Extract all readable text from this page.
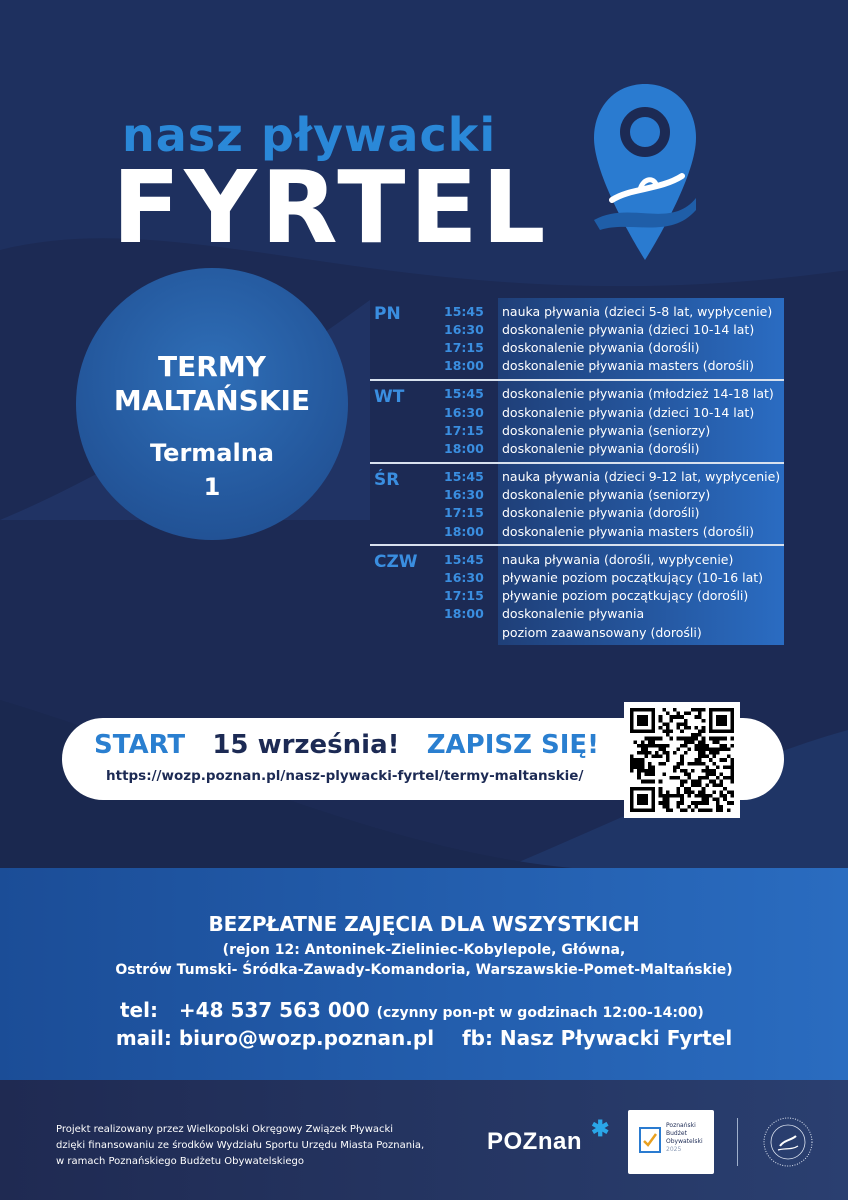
nasz pływacki
FYRTEL
TERMY
MALTAŃSKIE
Termalna
1
PN	15:45	nauka pływania (dzieci 5-8 lat, wypłycenie)
16:30	doskonalenie pływania (dzieci 10-14 lat)
17:15	doskonalenie pływania (dorośli)
18:00	doskonalenie pływania masters (dorośli)
WT	15:45	doskonalenie pływania (młodzież 14-18 lat)
16:30	doskonalenie pływania (dzieci 10-14 lat)
17:15	doskonalenie pływania (seniorzy)
18:00	doskonalenie pływania (dorośli)
ŚR	15:45	nauka pływania (dzieci 9-12 lat, wypłycenie)
16:30	doskonalenie pływania (seniorzy)
17:15	doskonalenie pływania (dorośli)
18:00	doskonalenie pływania masters (dorośli)
CZW	15:45	nauka pływania (dorośli, wypłycenie)
16:30	pływanie poziom początkujący (10-16 lat)
17:15	pływanie poziom początkujący (dorośli)
18:00	doskonalenie pływania
poziom zaawansowany (dorośli)
START 15 września! ZAPISZ SIĘ!
https://wozp.poznan.pl/nasz-plywacki-fyrtel/termy-maltanskie/
BEZPŁATNE ZAJĘCIA DLA WSZYSTKICH
(rejon 12: Antoninek-Zieliniec-Kobylepole, Główna,
Ostrów Tumski- Śródka-Zawady-Komandoria, Warszawskie-Pomet-Maltańskie)
tel: +48 537 563 000 (czynny pon-pt w godzinach 12:00-14:00)
mail: biuro@wozp.poznan.pl fb: Nasz Pływacki Fyrtel
Projekt realizowany przez Wielkopolski Okręgowy Związek Pływacki
dzięki finansowaniu ze środków Wydziału Sportu Urzędu Miasta Poznania,
w ramach Poznańskiego Budżetu Obywatelskiego
POZnan ✱	Poznański
Budżet
Obywatelski
2025
